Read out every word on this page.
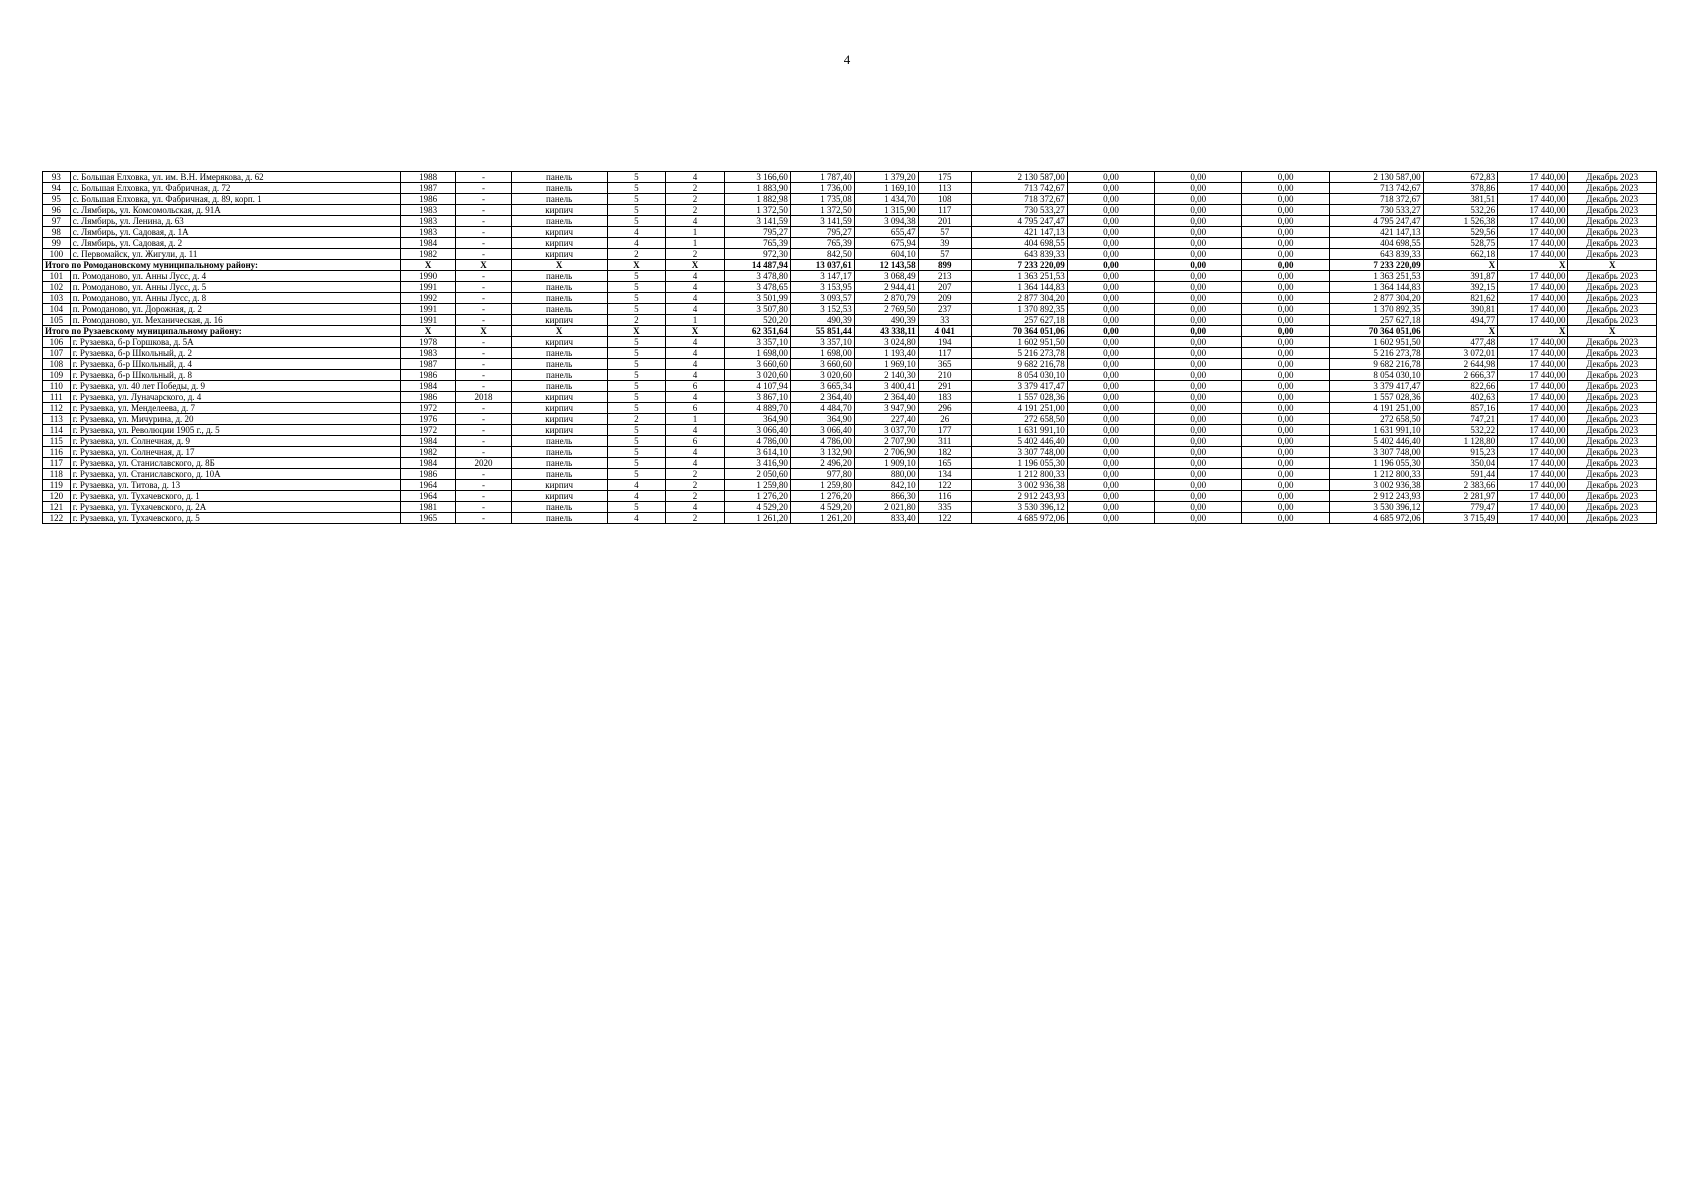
4
93	с. Большая Елховка, ул. им. В.Н. Имерякова, д. 62	1988	-	панель	5	4	3 166,60	1 787,40	1 379,20	175	2 130 587,00	0,00	0,00	0,00	2 130 587,00	672,83	17 440,00	Декабрь 2023
94	с. Большая Елховка, ул. Фабричная, д. 72	1987	-	панель	5	2	1 883,90	1 736,00	1 169,10	113	713 742,67	0,00	0,00	0,00	713 742,67	378,86	17 440,00	Декабрь 2023
95	с. Большая Елховка, ул. Фабричная, д. 89, корп. 1	1986	-	панель	5	2	1 882,98	1 735,08	1 434,70	108	718 372,67	0,00	0,00	0,00	718 372,67	381,51	17 440,00	Декабрь 2023
96	с. Лямбирь, ул. Комсомольская, д. 91А	1983	-	кирпич	5	2	1 372,50	1 372,50	1 315,90	117	730 533,27	0,00	0,00	0,00	730 533,27	532,26	17 440,00	Декабрь 2023
97	с. Лямбирь, ул. Ленина, д. 63	1983	-	панель	5	4	3 141,59	3 141,59	3 094,38	201	4 795 247,47	0,00	0,00	0,00	4 795 247,47	1 526,38	17 440,00	Декабрь 2023
98	с. Лямбирь, ул. Садовая, д. 1А	1983	-	кирпич	4	1	795,27	795,27	655,47	57	421 147,13	0,00	0,00	0,00	421 147,13	529,56	17 440,00	Декабрь 2023
99	с. Лямбирь, ул. Садовая, д. 2	1984	-	кирпич	4	1	765,39	765,39	675,94	39	404 698,55	0,00	0,00	0,00	404 698,55	528,75	17 440,00	Декабрь 2023
100	с. Первомайск, ул. Жигули, д. 11	1982	-	кирпич	2	2	972,30	842,50	604,10	57	643 839,33	0,00	0,00	0,00	643 839,33	662,18	17 440,00	Декабрь 2023
Итого по Ромодановскому муниципальному району:		Х	Х	Х	Х	Х	14 487,94	13 037,61	12 143,58	899	7 233 220,09	0,00	0,00	0,00	7 233 220,09	Х	Х	Х
101	п. Ромоданово, ул. Анны Лусс, д. 4	1990	-	панель	5	4	3 478,80	3 147,17	3 068,49	213	1 363 251,53	0,00	0,00	0,00	1 363 251,53	391,87	17 440,00	Декабрь 2023
102	п. Ромоданово, ул. Анны Лусс, д. 5	1991	-	панель	5	4	3 478,65	3 153,95	2 944,41	207	1 364 144,83	0,00	0,00	0,00	1 364 144,83	392,15	17 440,00	Декабрь 2023
103	п. Ромоданово, ул. Анны Лусс, д. 8	1992	-	панель	5	4	3 501,99	3 093,57	2 870,79	209	2 877 304,20	0,00	0,00	0,00	2 877 304,20	821,62	17 440,00	Декабрь 2023
104	п. Ромоданово, ул. Дорожная, д. 2	1991	-	панель	5	4	3 507,80	3 152,53	2 769,50	237	1 370 892,35	0,00	0,00	0,00	1 370 892,35	390,81	17 440,00	Декабрь 2023
105	п. Ромоданово, ул. Механическая, д. 16	1991	-	кирпич	2	1	520,20	490,39	490,39	33	257 627,18	0,00	0,00	0,00	257 627,18	494,77	17 440,00	Декабрь 2023
Итого по Рузаевскому муниципальному району:		Х	Х	Х	Х	Х	62 351,64	55 851,44	43 338,11	4 041	70 364 051,06	0,00	0,00	0,00	70 364 051,06	Х	Х	Х
106	г. Рузаевка, б-р Горшкова, д. 5А	1978	-	кирпич	5	4	3 357,10	3 357,10	3 024,80	194	1 602 951,50	0,00	0,00	0,00	1 602 951,50	477,48	17 440,00	Декабрь 2023
107	г. Рузаевка, б-р Школьный, д. 2	1983	-	панель	5	4	1 698,00	1 698,00	1 193,40	117	5 216 273,78	0,00	0,00	0,00	5 216 273,78	3 072,01	17 440,00	Декабрь 2023
108	г. Рузаевка, б-р Школьный, д. 4	1987	-	панель	5	4	3 660,60	3 660,60	1 969,10	365	9 682 216,78	0,00	0,00	0,00	9 682 216,78	2 644,98	17 440,00	Декабрь 2023
109	г. Рузаевка, б-р Школьный, д. 8	1986	-	панель	5	4	3 020,60	3 020,60	2 140,30	210	8 054 030,10	0,00	0,00	0,00	8 054 030,10	2 666,37	17 440,00	Декабрь 2023
110	г. Рузаевка, ул. 40 лет Победы, д. 9	1984	-	панель	5	6	4 107,94	3 665,34	3 400,41	291	3 379 417,47	0,00	0,00	0,00	3 379 417,47	822,66	17 440,00	Декабрь 2023
111	г. Рузаевка, ул. Луначарского, д. 4	1986	2018	кирпич	5	4	3 867,10	2 364,40	2 364,40	183	1 557 028,36	0,00	0,00	0,00	1 557 028,36	402,63	17 440,00	Декабрь 2023
112	г. Рузаевка, ул. Менделеева, д. 7	1972	-	кирпич	5	6	4 889,70	4 484,70	3 947,90	296	4 191 251,00	0,00	0,00	0,00	4 191 251,00	857,16	17 440,00	Декабрь 2023
113	г. Рузаевка, ул. Мичурина, д. 20	1976	-	кирпич	2	1	364,90	364,90	227,40	26	272 658,50	0,00	0,00	0,00	272 658,50	747,21	17 440,00	Декабрь 2023
114	г. Рузаевка, ул. Революции 1905 г., д. 5	1972	-	кирпич	5	4	3 066,40	3 066,40	3 037,70	177	1 631 991,10	0,00	0,00	0,00	1 631 991,10	532,22	17 440,00	Декабрь 2023
115	г. Рузаевка, ул. Солнечная, д. 9	1984	-	панель	5	6	4 786,00	4 786,00	2 707,90	311	5 402 446,40	0,00	0,00	0,00	5 402 446,40	1 128,80	17 440,00	Декабрь 2023
116	г. Рузаевка, ул. Солнечная, д. 17	1982	-	панель	5	4	3 614,10	3 132,90	2 706,90	182	3 307 748,00	0,00	0,00	0,00	3 307 748,00	915,23	17 440,00	Декабрь 2023
117	г. Рузаевка, ул. Станиславского, д. 8Б	1984	2020	панель	5	4	3 416,90	2 496,20	1 909,10	165	1 196 055,30	0,00	0,00	0,00	1 196 055,30	350,04	17 440,00	Декабрь 2023
118	г. Рузаевка, ул. Станиславского, д. 10А	1986	-	панель	5	2	2 050,60	977,80	880,00	134	1 212 800,33	0,00	0,00	0,00	1 212 800,33	591,44	17 440,00	Декабрь 2023
119	г. Рузаевка, ул. Титова, д. 13	1964	-	кирпич	4	2	1 259,80	1 259,80	842,10	122	3 002 936,38	0,00	0,00	0,00	3 002 936,38	2 383,66	17 440,00	Декабрь 2023
120	г. Рузаевка, ул. Тухачевского, д. 1	1964	-	кирпич	4	2	1 276,20	1 276,20	866,30	116	2 912 243,93	0,00	0,00	0,00	2 912 243,93	2 281,97	17 440,00	Декабрь 2023
121	г. Рузаевка, ул. Тухачевского, д. 2А	1981	-	панель	5	4	4 529,20	4 529,20	2 021,80	335	3 530 396,12	0,00	0,00	0,00	3 530 396,12	779,47	17 440,00	Декабрь 2023
122	г. Рузаевка, ул. Тухачевского, д. 5	1965	-	панель	4	2	1 261,20	1 261,20	833,40	122	4 685 972,06	0,00	0,00	0,00	4 685 972,06	3 715,49	17 440,00	Декабрь 2023
